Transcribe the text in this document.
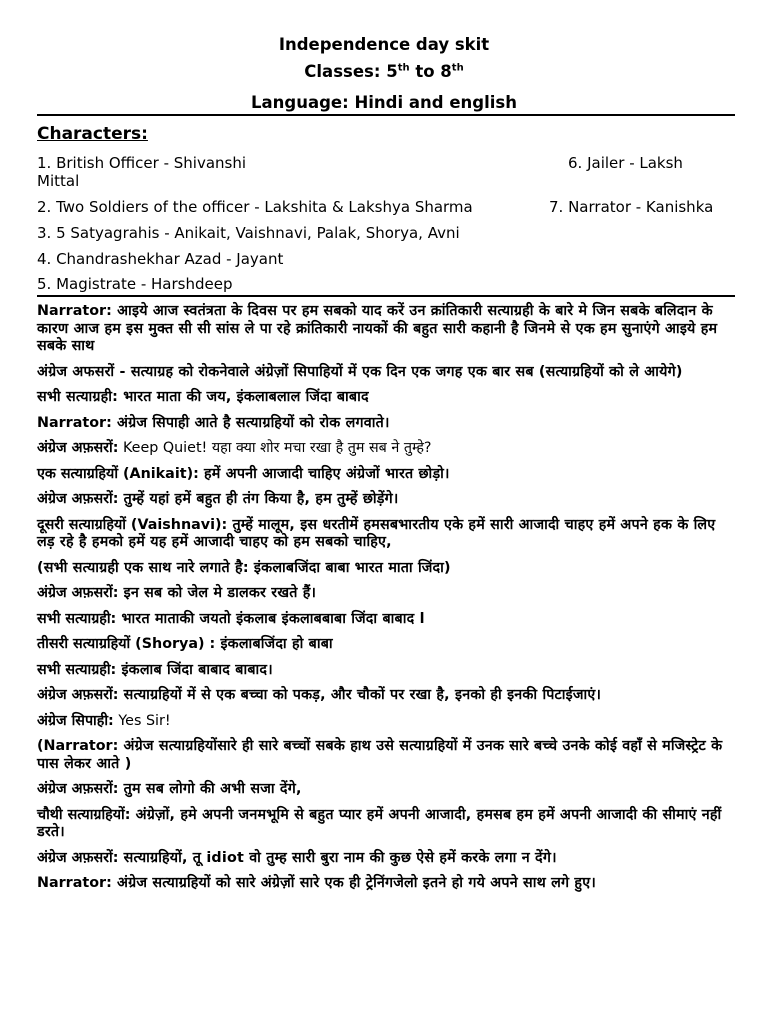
Independence day skit
Classes: 5th to 8th
Language: Hindi and english
Characters:
1. British Officer - Shivanshi	6. Jailer - Laksh
Mittal
2. Two Soldiers of the officer - Lakshita & Lakshya Sharma	7. Narrator - Kanishka
3. 5 Satyagrahis - Anikait, Vaishnavi, Palak, Shorya, Avni
4. Chandrashekhar Azad - Jayant
5. Magistrate - Harshdeep

Narrator: आइये आज स्वतंत्रता के दिवस पर हम सबको याद करें उन क्रांतिकारी सत्याग्रही के बारे मे जिन सबके बलिदान के कारण आज हम इस मुक्त सी सी सांस ले पा रहे क्रांतिकारी नायकों की बहुत सारी कहानी है जिनमे से एक हम सुनाएंगे आइये हम सबके साथ

अंग्रेज अफसरों - सत्याग्रह को रोकनेवाले अंग्रेज़ों सिपाहियों में एक दिन एक जगह एक बार सब (सत्याग्रहियों को ले आयेगे)

सभी सत्याग्रही: भारत माता की जय, इंकलाबलाल जिंदा बाबाद

Narrator: अंग्रेज सिपाही आते है सत्याग्रहियों को रोक लगवाते।

अंग्रेज अफ़सरों: Keep Quiet! यहा क्या शोर मचा रखा है तुम सब ने तुम्हे?

एक सत्याग्रहियों (Anikait): हमें अपनी आजादी चाहिए अंग्रेजों भारत छोड़ो।

अंग्रेज अफ़सरों: तुम्हें यहां हमें बहुत ही तंग किया है, हम तुम्हें छोड़ेंगे।

दूसरी सत्याग्रहियों (Vaishnavi): तुम्हें मालूम, इस धरतीमें हमसबभारतीय एके हमें सारी आजादी चाहए हमें अपने हक के लिए लड़ रहे है हमको हमें यह हमें आजादी चाहए को हम सबको चाहिए,

(सभी सत्याग्रही एक साथ नारे लगाते है: इंकलाबजिंदा बाबा भारत माता जिंदा)

अंग्रेज अफ़सरों: इन सब को जेल मे डालकर रखते हैं।

सभी सत्याग्रही: भारत माताकी जयतो इंकलाब इंकलाबबाबा जिंदा बाबाद l

तीसरी सत्याग्रहियों (Shorya) : इंकलाबजिंदा हो बाबा

सभी सत्याग्रही: इंकलाब जिंदा बाबाद बाबाद।

अंग्रेज अफ़सरों: सत्याग्रहियों में से एक बच्चा को पकड़, और चौकों पर रखा है, इनको ही इनकी पिटाईजाएं।

अंग्रेज सिपाही: Yes Sir!

(Narrator: अंग्रेज सत्याग्रहियोंसारे ही सारे बच्चों सबके हाथ उसे सत्याग्रहियों में उनक सारे बच्चे उनके कोई वहाँ से मजिस्ट्रेट के पास लेकर आते )

अंग्रेज अफ़सरों: तुम सब लोगो की अभी सजा देंगे,

चौथी सत्याग्रहियों: अंग्रेज़ों, हमे अपनी जनमभूमि से बहुत प्यार हमें अपनी आजादी, हमसब हम हमें अपनी आजादी की सीमाएं नहीं डरते।

अंग्रेज अफ़सरों: सत्याग्रहियों, तू idiot वो तुम्ह सारी बुरा नाम की कुछ ऐसे हमें करके लगा न देंगे।

Narrator: अंग्रेज सत्याग्रहियों को सारे अंग्रेज़ों सारे एक ही ट्रेनिंगजेलो इतने हो गये अपने साथ लगे हुए।
